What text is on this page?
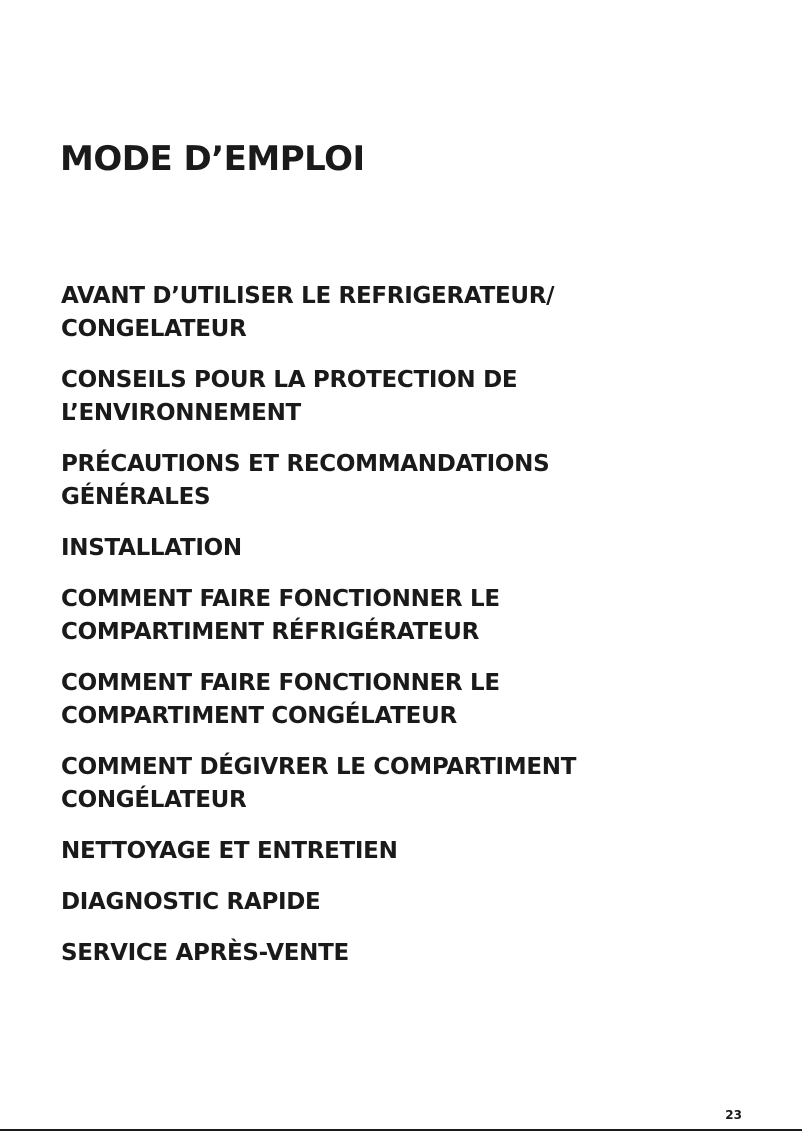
MODE D’EMPLOI
AVANT D’UTILISER LE REFRIGERATEUR/
CONGELATEUR
CONSEILS POUR LA PROTECTION DE
L’ENVIRONNEMENT
PRÉCAUTIONS ET RECOMMANDATIONS
GÉNÉRALES
INSTALLATION
COMMENT FAIRE FONCTIONNER LE
COMPARTIMENT RÉFRIGÉRATEUR
COMMENT FAIRE FONCTIONNER LE
COMPARTIMENT CONGÉLATEUR
COMMENT DÉGIVRER LE COMPARTIMENT
CONGÉLATEUR
NETTOYAGE ET ENTRETIEN
DIAGNOSTIC RAPIDE
SERVICE APRÈS-VENTE
23
